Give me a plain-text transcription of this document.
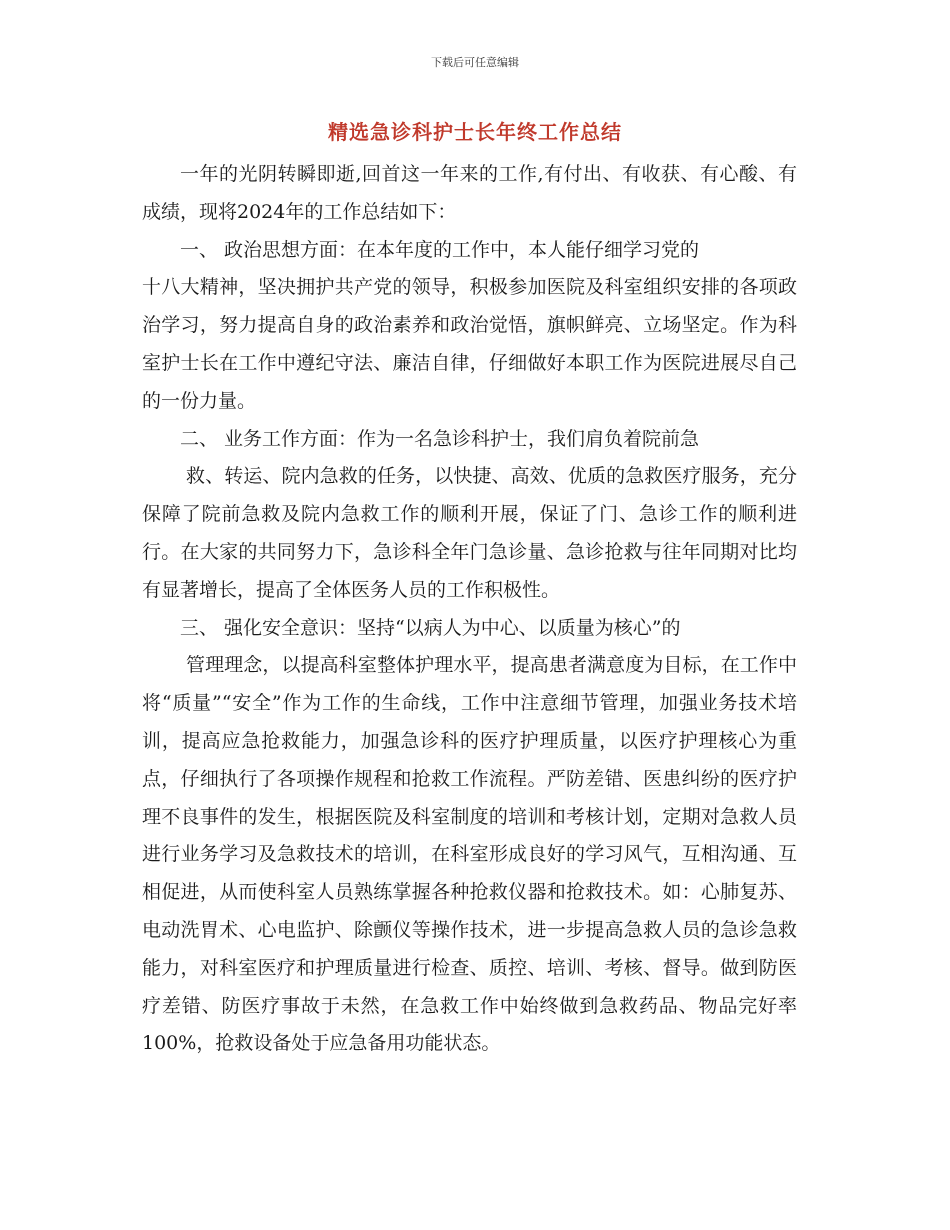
下载后可任意编辑
精选急诊科护士长年终工作总结

一年的光阴转瞬即逝,回首这一年来的工作,有付出、有收获、有心酸、有成绩，现将2024年的工作总结如下：

一、 政治思想方面：在本年度的工作中，本人能仔细学习党的

十八大精神，坚决拥护共产党的领导，积极参加医院及科室组织安排的各项政治学习，努力提高自身的政治素养和政治觉悟，旗帜鲜亮、立场坚定。作为科室护士长在工作中遵纪守法、廉洁自律，仔细做好本职工作为医院进展尽自己的一份力量。

二、 业务工作方面：作为一名急诊科护士，我们肩负着院前急

救、转运、院内急救的任务，以快捷、高效、优质的急救医疗服务，充分保障了院前急救及院内急救工作的顺利开展，保证了门、急诊工作的顺利进行。在大家的共同努力下，急诊科全年门急诊量、急诊抢救与往年同期对比均有显著增长，提高了全体医务人员的工作积极性。

三、 强化安全意识：坚持“以病人为中心、以质量为核心”的

管理理念，以提高科室整体护理水平，提高患者满意度为目标，在工作中将“质量”“安全”作为工作的生命线，工作中注意细节管理，加强业务技术培训，提高应急抢救能力，加强急诊科的医疗护理质量，以医疗护理核心为重点，仔细执行了各项操作规程和抢救工作流程。严防差错、医患纠纷的医疗护理不良事件的发生，根据医院及科室制度的培训和考核计划，定期对急救人员进行业务学习及急救技术的培训，在科室形成良好的学习风气，互相沟通、互相促进，从而使科室人员熟练掌握各种抢救仪器和抢救技术。如：心肺复苏、电动洗胃术、心电监护、除颤仪等操作技术，进一步提高急救人员的急诊急救能力，对科室医疗和护理质量进行检查、质控、培训、考核、督导。做到防医疗差错、防医疗事故于未然，在急救工作中始终做到急救药品、物品完好率100%，抢救设备处于应急备用功能状态。
